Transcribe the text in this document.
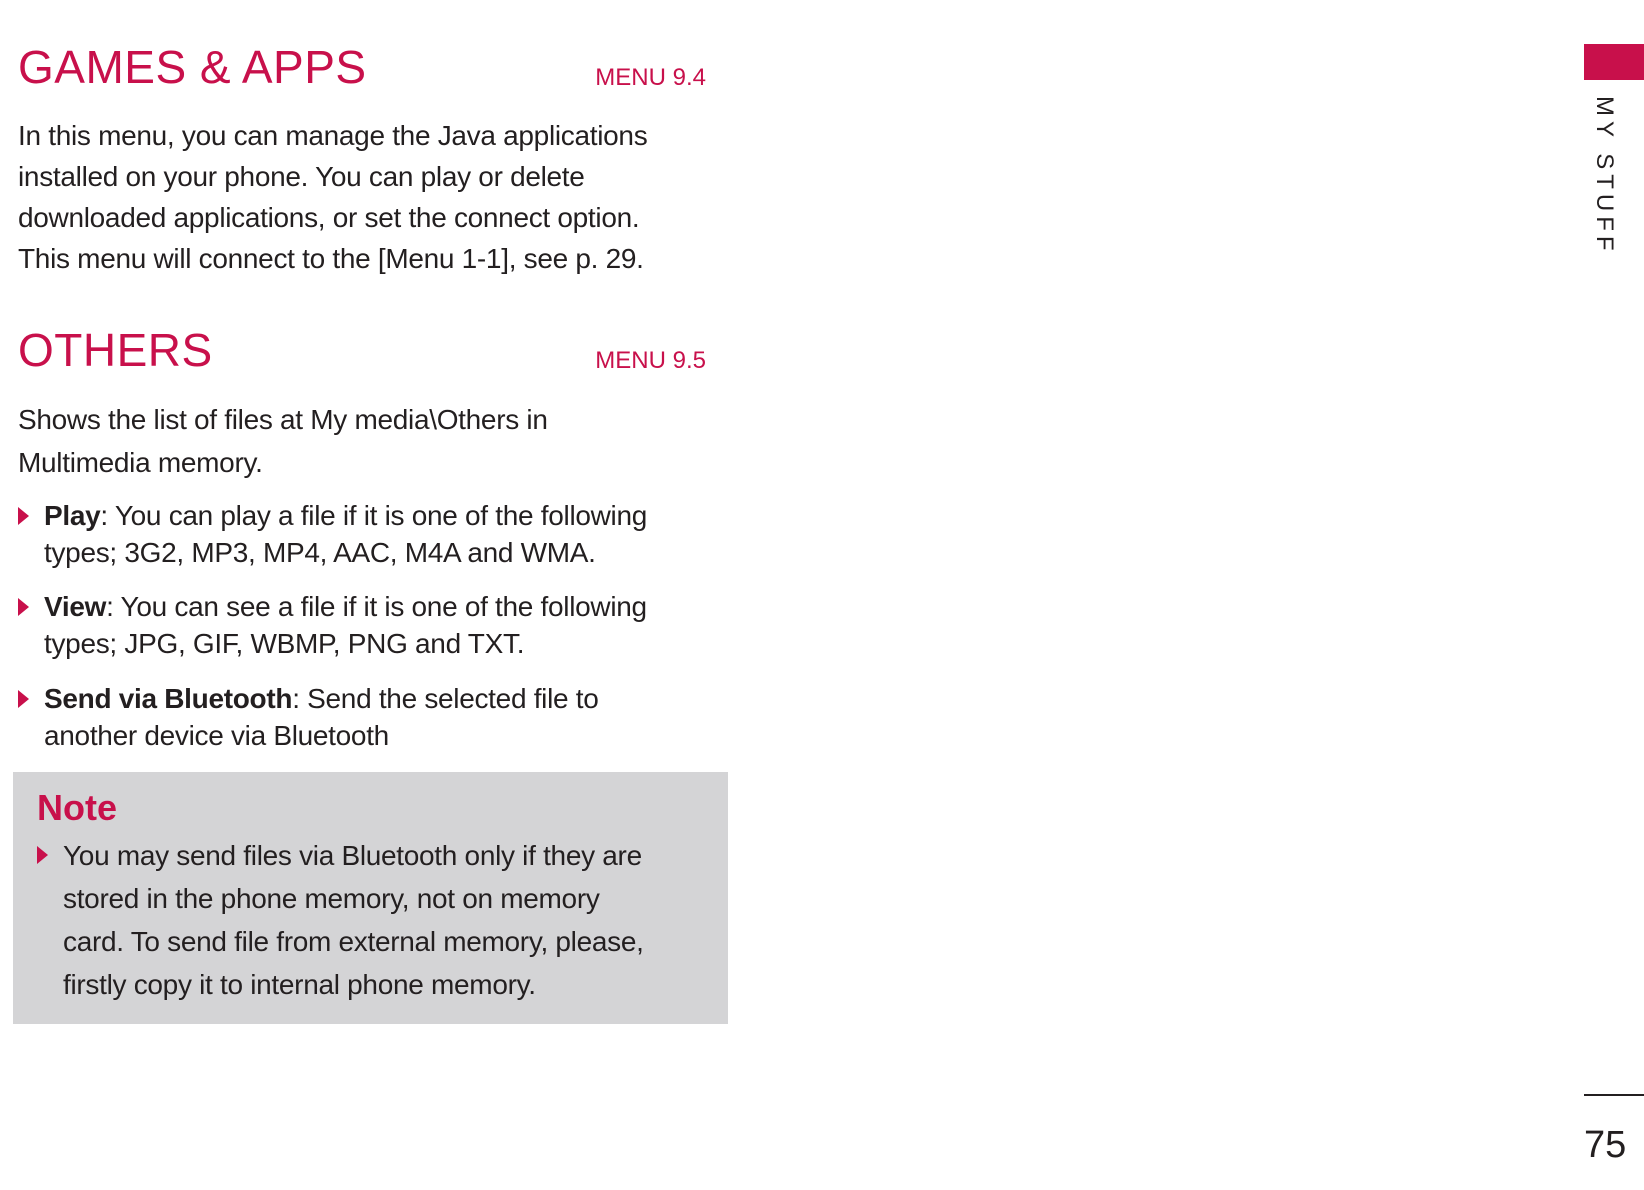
GAMES & APPS	MENU 9.4
In this menu, you can manage the Java applications
installed on your phone. You can play or delete
downloaded applications, or set the connect option.
This menu will connect to the [Menu 1-1], see p. 29.
OTHERS	MENU 9.5
Shows the list of files at My media\Others in
Multimedia memory.
Play: You can play a file if it is one of the following
types; 3G2, MP3, MP4, AAC, M4A and WMA.
View: You can see a file if it is one of the following
types; JPG, GIF, WBMP, PNG and TXT.
Send via Bluetooth: Send the selected file to
another device via Bluetooth
Note
You may send files via Bluetooth only if they are
stored in the phone memory, not on memory
card. To send file from external memory, please,
firstly copy it to internal phone memory.
MY STUFF
75
